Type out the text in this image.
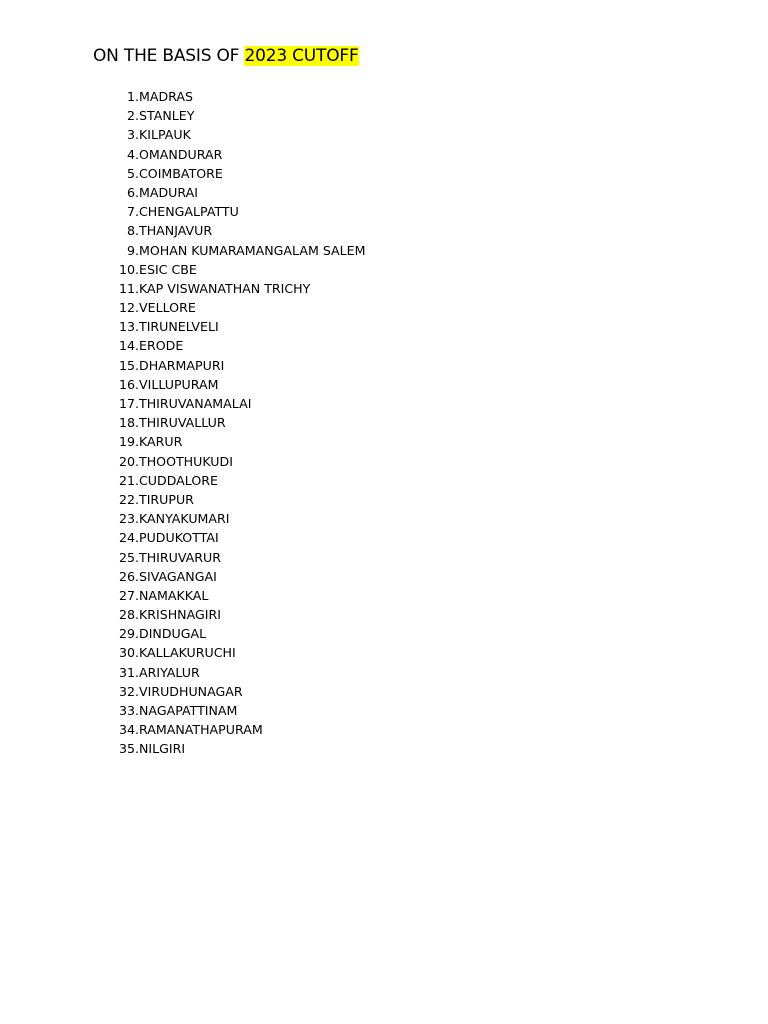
ON THE BASIS OF 2023 CUTOFF
1. MADRAS
2. STANLEY
3. KILPAUK
4. OMANDURAR
5. COIMBATORE
6. MADURAI
7. CHENGALPATTU
8. THANJAVUR
9. MOHAN KUMARAMANGALAM SALEM
10. ESIC CBE
11. KAP VISWANATHAN TRICHY
12. VELLORE
13. TIRUNELVELI
14. ERODE
15. DHARMAPURI
16. VILLUPURAM
17. THIRUVANAMALAI
18. THIRUVALLUR
19. KARUR
20. THOOTHUKUDI
21. CUDDALORE
22. TIRUPUR
23. KANYAKUMARI
24. PUDUKOTTAI
25. THIRUVARUR
26. SIVAGANGAI
27. NAMAKKAL
28. KRISHNAGIRI
29. DINDUGAL
30. KALLAKURUCHI
31. ARIYALUR
32. VIRUDHUNAGAR
33. NAGAPATTINAM
34. RAMANATHAPURAM
35. NILGIRI
